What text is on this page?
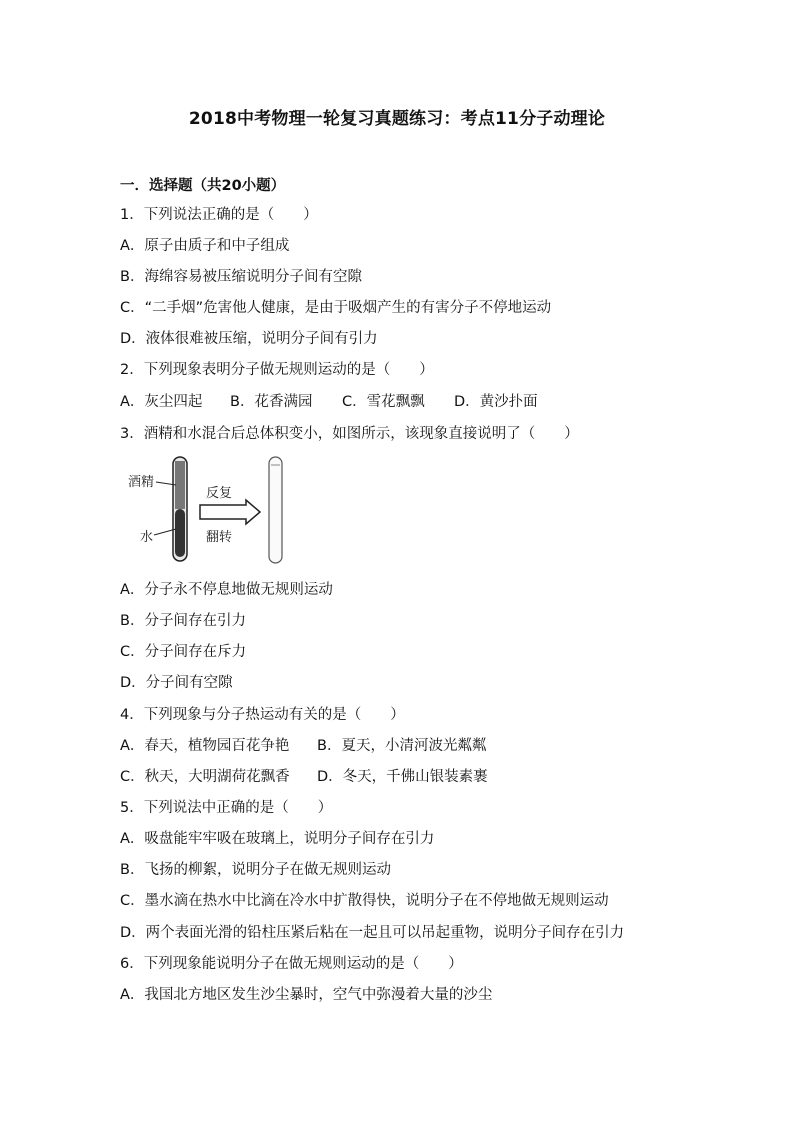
2018中考物理一轮复习真题练习：考点11分子动理论
一．选择题（共20小题）
1．下列说法正确的是（　　）
A．原子由质子和中子组成
B．海绵容易被压缩说明分子间有空隙
C．“二手烟”危害他人健康，是由于吸烟产生的有害分子不停地运动
D．液体很难被压缩，说明分子间有引力
2．下列现象表明分子做无规则运动的是（　　）
A．灰尘四起 B．花香满园 C．雪花飘飘 D．黄沙扑面
3．酒精和水混合后总体积变小，如图所示，该现象直接说明了（　　）
酒精
水
反复
翻转
A．分子永不停息地做无规则运动
B．分子间存在引力
C．分子间存在斥力
D．分子间有空隙
4．下列现象与分子热运动有关的是（　　）
A．春天，植物园百花争艳 B．夏天，小清河波光粼粼
C．秋天，大明湖荷花飘香 D．冬天，千佛山银装素裹
5．下列说法中正确的是（　　）
A．吸盘能牢牢吸在玻璃上，说明分子间存在引力
B．飞扬的柳絮，说明分子在做无规则运动
C．墨水滴在热水中比滴在冷水中扩散得快，说明分子在不停地做无规则运动
D．两个表面光滑的铅柱压紧后粘在一起且可以吊起重物，说明分子间存在引力
6．下列现象能说明分子在做无规则运动的是（　　）
A．我国北方地区发生沙尘暴时，空气中弥漫着大量的沙尘
